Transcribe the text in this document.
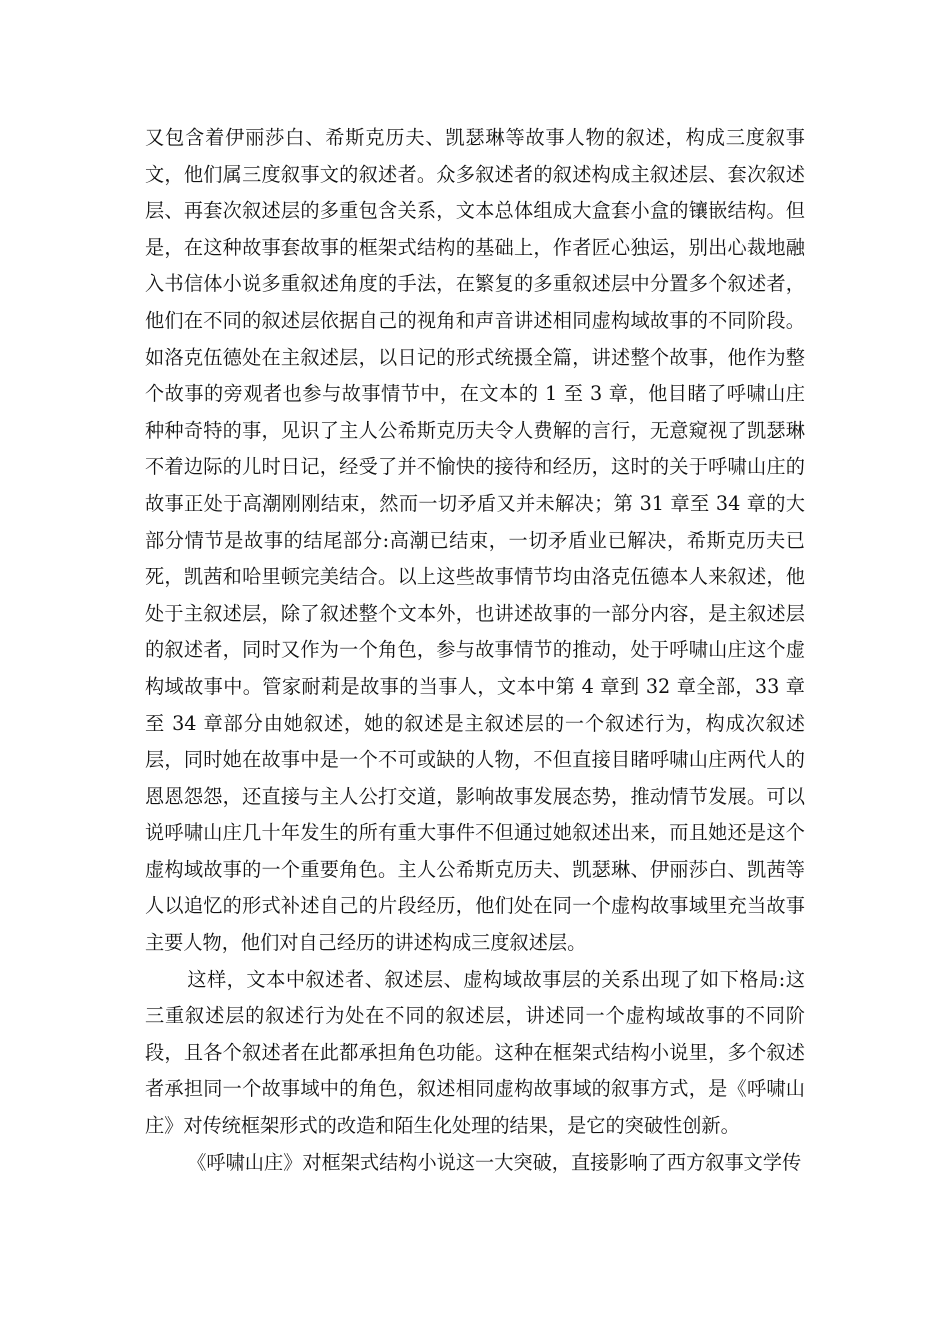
又包含着伊丽莎白、希斯克历夫、凯瑟琳等故事人物的叙述，构成三度叙事文，他们属三度叙事文的叙述者。众多叙述者的叙述构成主叙述层、套次叙述层、再套次叙述层的多重包含关系，文本总体组成大盒套小盒的镶嵌结构。但是，在这种故事套故事的框架式结构的基础上，作者匠心独运，别出心裁地融入书信体小说多重叙述角度的手法，在繁复的多重叙述层中分置多个叙述者，他们在不同的叙述层依据自己的视角和声音讲述相同虚构域故事的不同阶段。如洛克伍德处在主叙述层，以日记的形式统摄全篇，讲述整个故事，他作为整个故事的旁观者也参与故事情节中，在文本的 1 至 3 章，他目睹了呼啸山庄种种奇特的事，见识了主人公希斯克历夫令人费解的言行，无意窥视了凯瑟琳不着边际的儿时日记，经受了并不愉快的接待和经历，这时的关于呼啸山庄的故事正处于高潮刚刚结束，然而一切矛盾又并未解决；第 31 章至 34 章的大部分情节是故事的结尾部分:高潮已结束，一切矛盾业已解决，希斯克历夫已死，凯茜和哈里顿完美结合。以上这些故事情节均由洛克伍德本人来叙述，他处于主叙述层，除了叙述整个文本外，也讲述故事的一部分内容，是主叙述层的叙述者，同时又作为一个角色，参与故事情节的推动，处于呼啸山庄这个虚构域故事中。管家耐莉是故事的当事人，文本中第 4 章到 32 章全部，33 章至 34 章部分由她叙述，她的叙述是主叙述层的一个叙述行为，构成次叙述层，同时她在故事中是一个不可或缺的人物，不但直接目睹呼啸山庄两代人的恩恩怨怨，还直接与主人公打交道，影响故事发展态势，推动情节发展。可以说呼啸山庄几十年发生的所有重大事件不但通过她叙述出来，而且她还是这个虚构域故事的一个重要角色。主人公希斯克历夫、凯瑟琳、伊丽莎白、凯茜等人以追忆的形式补述自己的片段经历，他们处在同一个虚构故事域里充当故事主要人物，他们对自己经历的讲述构成三度叙述层。

这样，文本中叙述者、叙述层、虚构域故事层的关系出现了如下格局:这三重叙述层的叙述行为处在不同的叙述层，讲述同一个虚构域故事的不同阶段，且各个叙述者在此都承担角色功能。这种在框架式结构小说里，多个叙述者承担同一个故事域中的角色，叙述相同虚构故事域的叙事方式，是《呼啸山庄》对传统框架形式的改造和陌生化处理的结果，是它的突破性创新。

《呼啸山庄》对框架式结构小说这一大突破，直接影响了西方叙事文学传
